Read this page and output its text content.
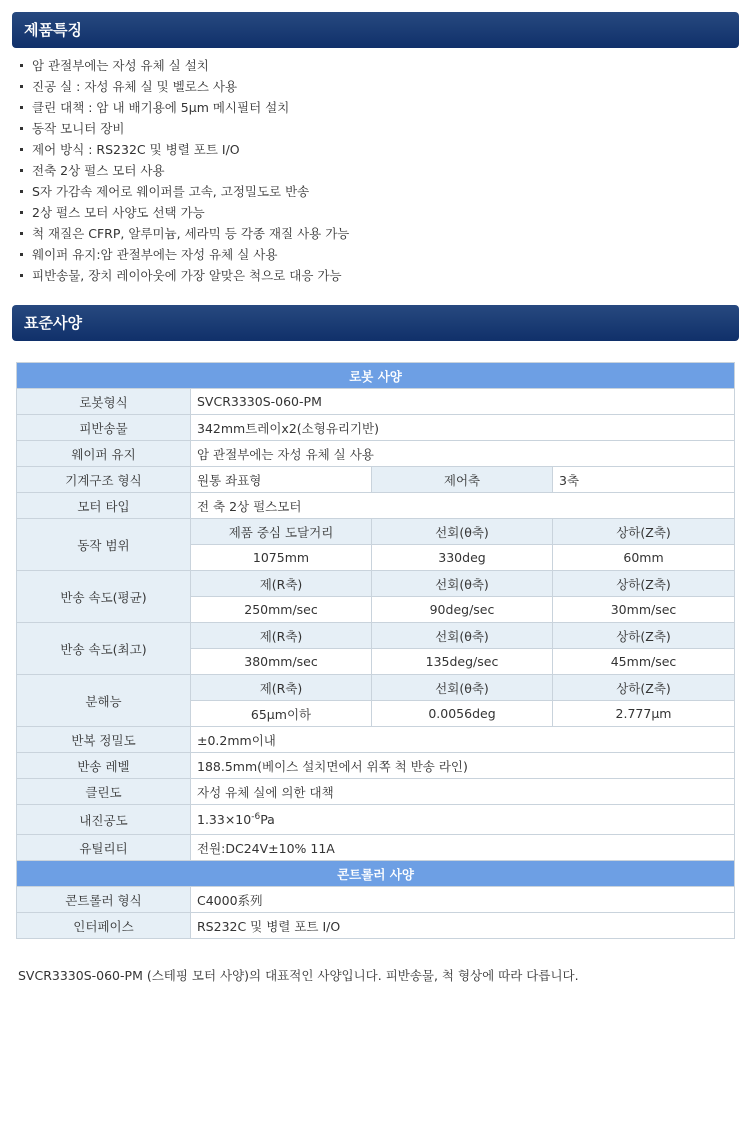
제품특징
암 관절부에는 자성 유체 실 설치
진공 실 : 자성 유체 실 및 벨로스 사용
클린 대책 : 암 내 배기용에 5μm 메시필터 설치
동작 모니터 장비
제어 방식 : RS232C 및 병렬 포트 I/O
전축 2상 펄스 모터 사용
S자 가감속 제어로 웨이퍼를 고속, 고정밀도로 반송
2상 펄스 모터 사양도 선택 가능
척 재질은 CFRP, 알루미늄, 세라믹 등 각종 재질 사용 가능
웨이퍼 유지:암 관절부에는 자성 유체 실 사용
피반송물, 장치 레이아웃에 가장 알맞은 척으로 대응 가능
표준사양
로봇 사양			
로봇형식	SVCR3330S-060-PM		
피반송물	342mm트레이x2(소형유리기반)		
웨이퍼 유지	암 관절부에는 자성 유체 실 사용		
기계구조 형식	원통 좌표형	제어축	3축
모터 타입	전 축 2상 펄스모터		
동작 범위	제품 중심 도달거리	선회(θ축)	상하(Z축)
	1075mm	330deg	60mm
반송 속도(평균)	제(R축)	선회(θ축)	상하(Z축)
	250mm/sec	90deg/sec	30mm/sec
반송 속도(최고)	제(R축)	선회(θ축)	상하(Z축)
	380mm/sec	135deg/sec	45mm/sec
분해능	제(R축)	선회(θ축)	상하(Z축)
	65μm이하	0.0056deg	2.777μm
반복 정밀도	±0.2mm이내		
반송 레벨	188.5mm(베이스 설치면에서 위쪽 척 반송 라인)		
클린도	자성 유체 실에 의한 대책		
내진공도	$1.33\times 10^{-6}Pa$		
유틸리티	전원:DC24V±10% 11A		
콘트롤러 사양			
콘트롤러 형식	C4000系列		
인터페이스	RS232C 및 병렬 포트 I/O		
SVCR3330S-060-PM (스테핑 모터 사양)의 대표적인 사양입니다. 피반송물, 척 형상에 따라 다릅니다.
